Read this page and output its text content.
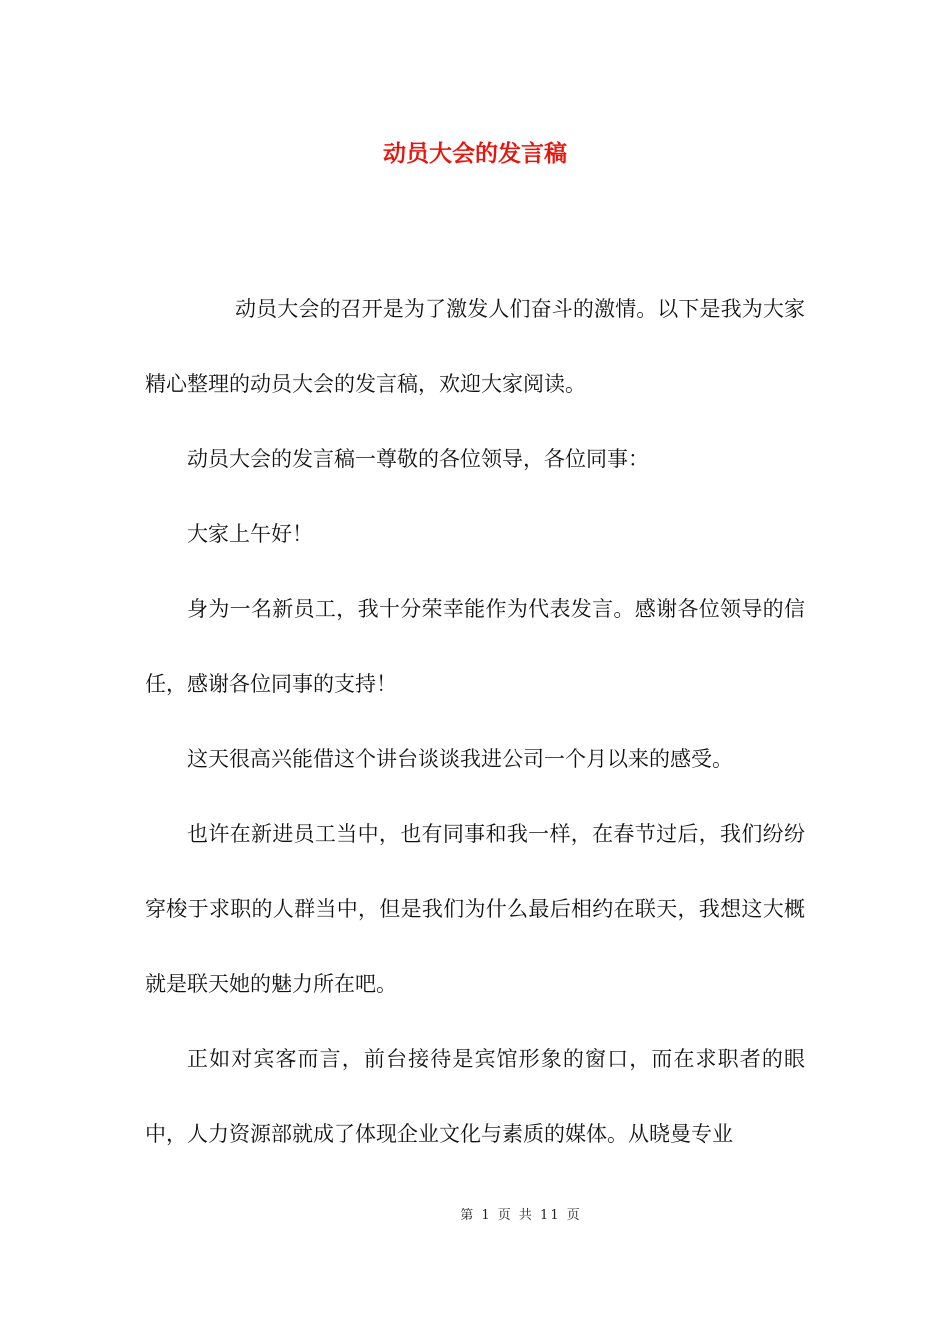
动员大会的发言稿

动员大会的召开是为了激发人们奋斗的激情。以下是我为大家精心整理的动员大会的发言稿，欢迎大家阅读。

动员大会的发言稿一尊敬的各位领导，各位同事：

大家上午好！

身为一名新员工，我十分荣幸能作为代表发言。感谢各位领导的信任，感谢各位同事的支持！

这天很高兴能借这个讲台谈谈我进公司一个月以来的感受。

也许在新进员工当中，也有同事和我一样，在春节过后，我们纷纷穿梭于求职的人群当中，但是我们为什么最后相约在联天，我想这大概就是联天她的魅力所在吧。

正如对宾客而言，前台接待是宾馆形象的窗口，而在求职者的眼中，人力资源部就成了体现企业文化与素质的媒体。从晓曼专业

第 1 页 共 11 页
